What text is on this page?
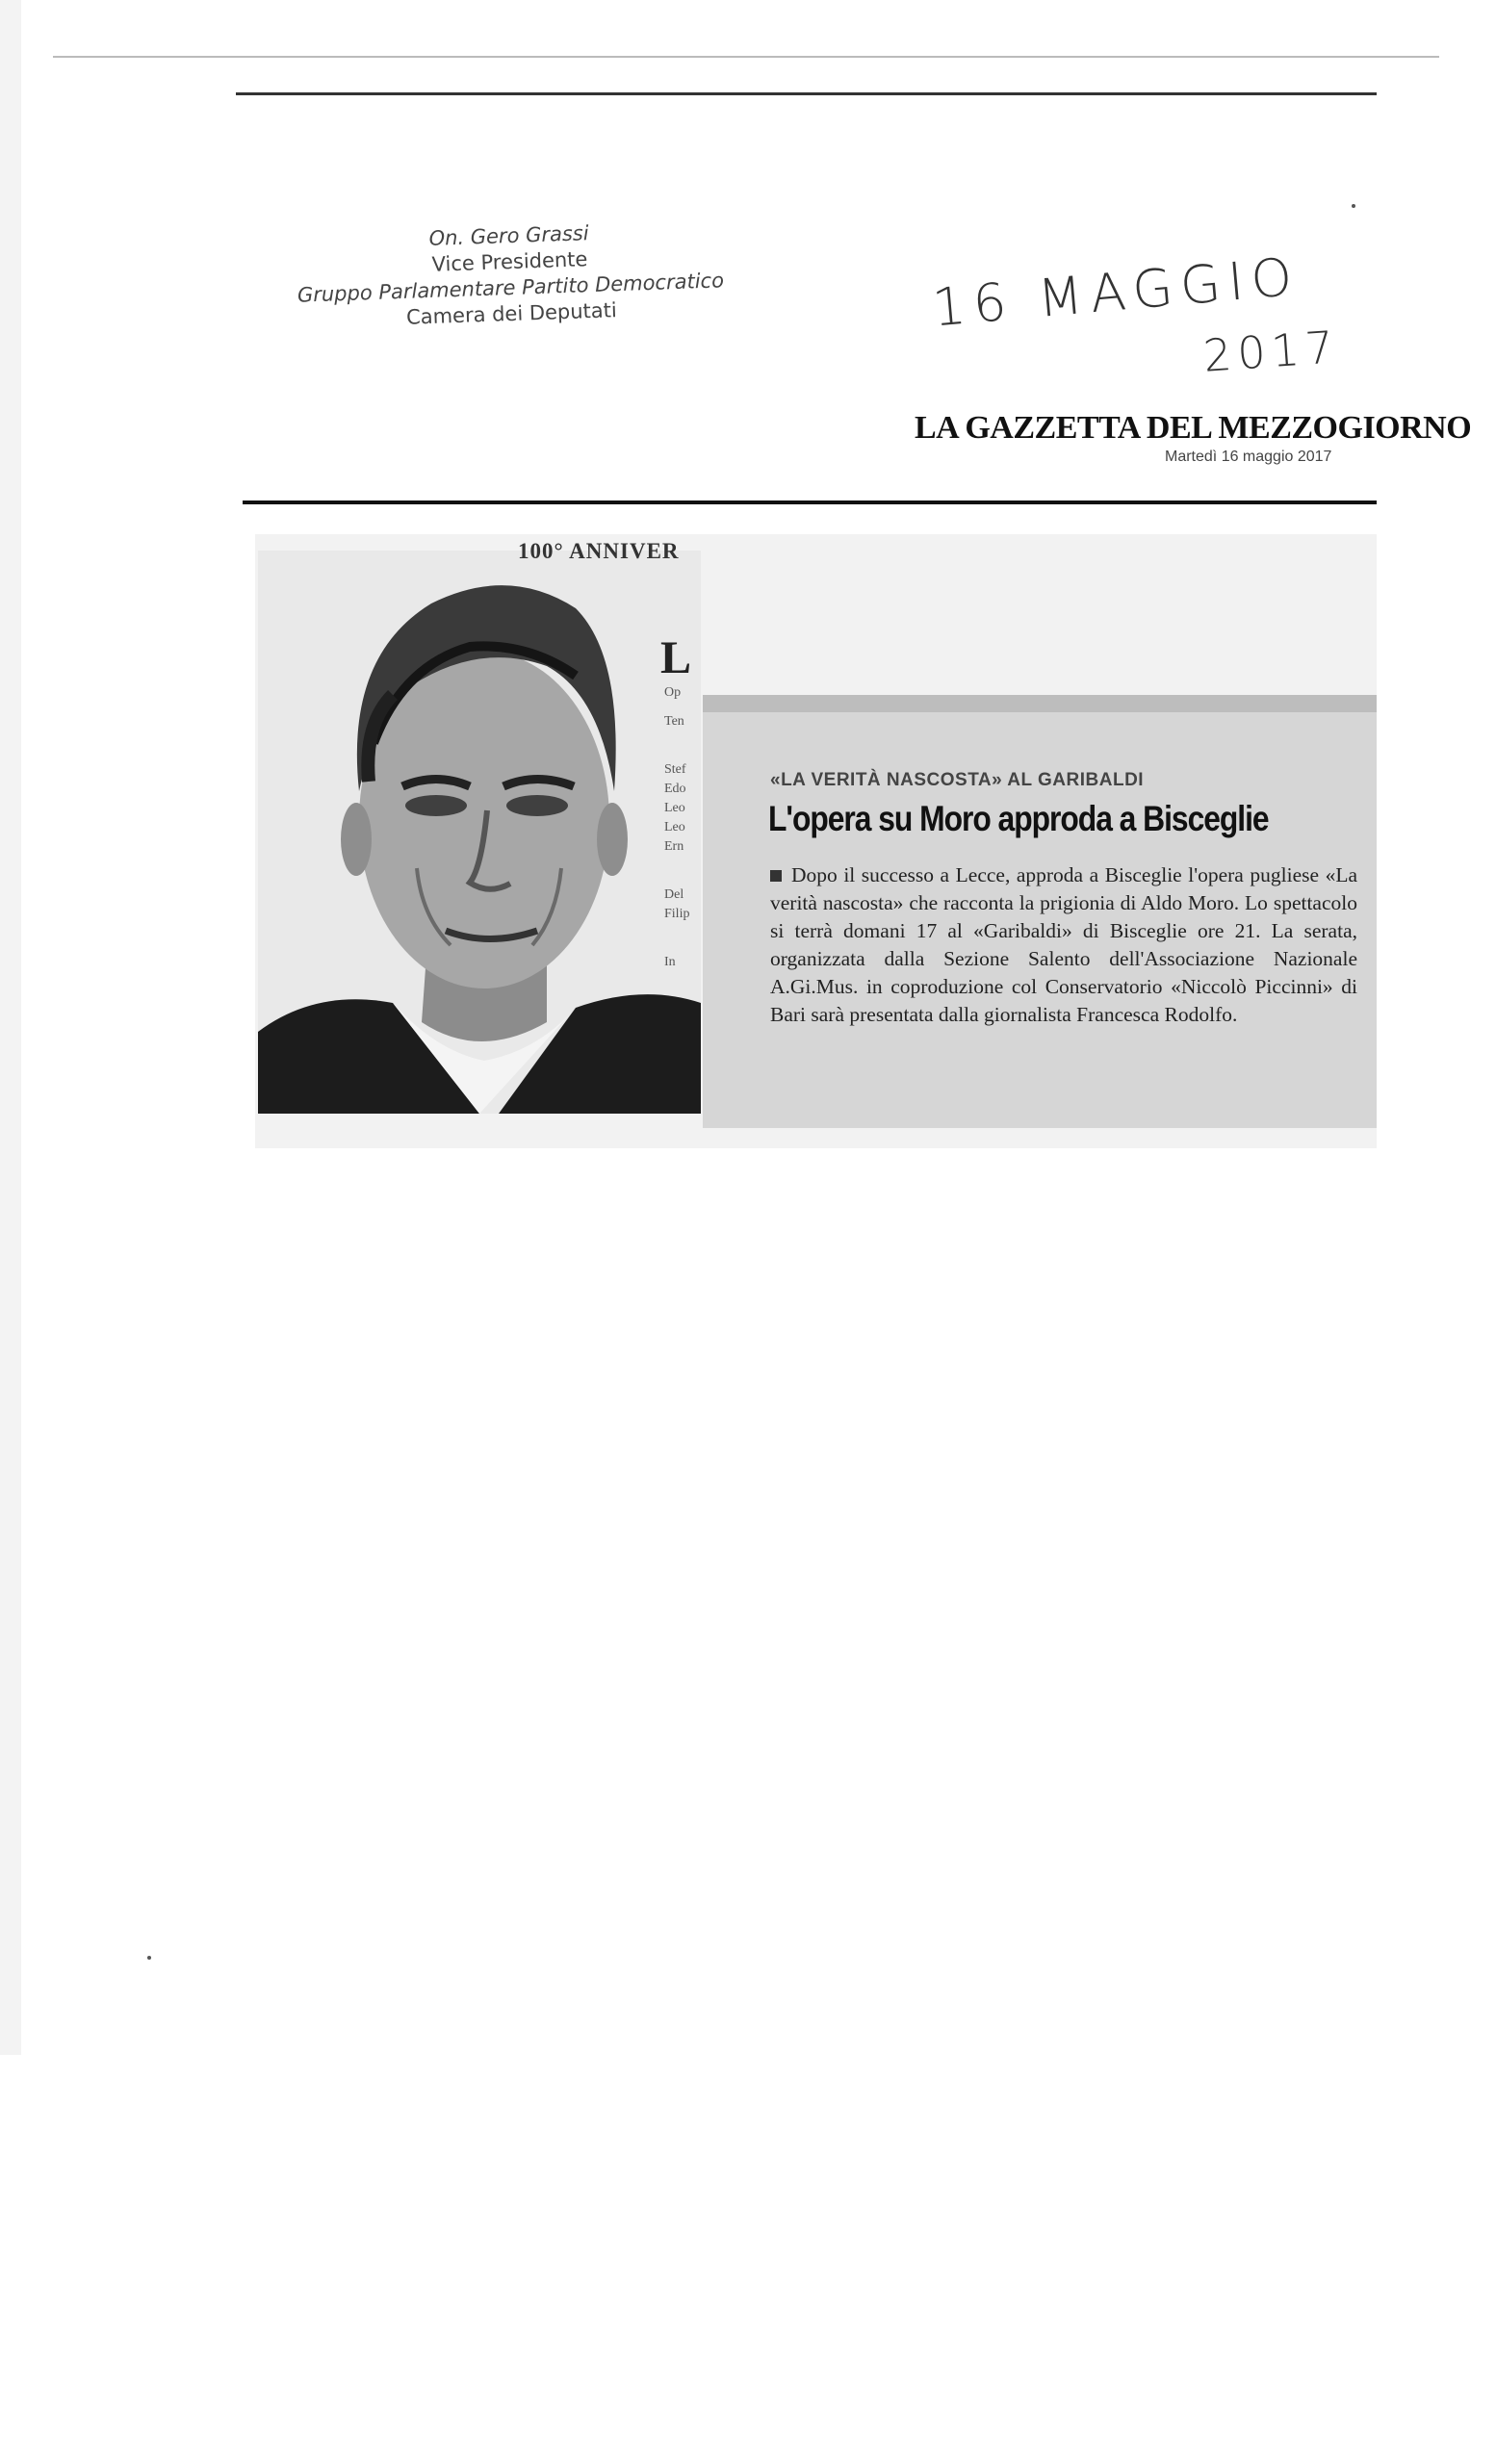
On. Gero Grassi
Vice Presidente
Gruppo Parlamentare Partito Democratico
Camera dei Deputati	16 MAGGIO
2017
LA GAZZETTA DEL MEZZOGIORNO
Martedì 16 maggio 2017
100° ANNIVER
L
Op
Ten
Stef
Edo
Leo
Leo
Ern
Del
Filip
In
«LA VERITÀ NASCOSTA» AL GARIBALDI
L'opera su Moro approda a Bisceglie
Dopo il successo a Lecce, approda a Bisceglie l'opera pugliese «La verità nascosta» che racconta la prigionia di Aldo Moro. Lo spettacolo si terrà domani 17 al «Garibaldi» di Bisceglie ore 21. La serata, organizzata dalla Sezione Salento dell'Associazione Nazionale A.Gi.Mus. in coproduzione col Conservatorio «Niccolò Piccinni» di Bari sarà presentata dalla giornalista Francesca Rodolfo.
